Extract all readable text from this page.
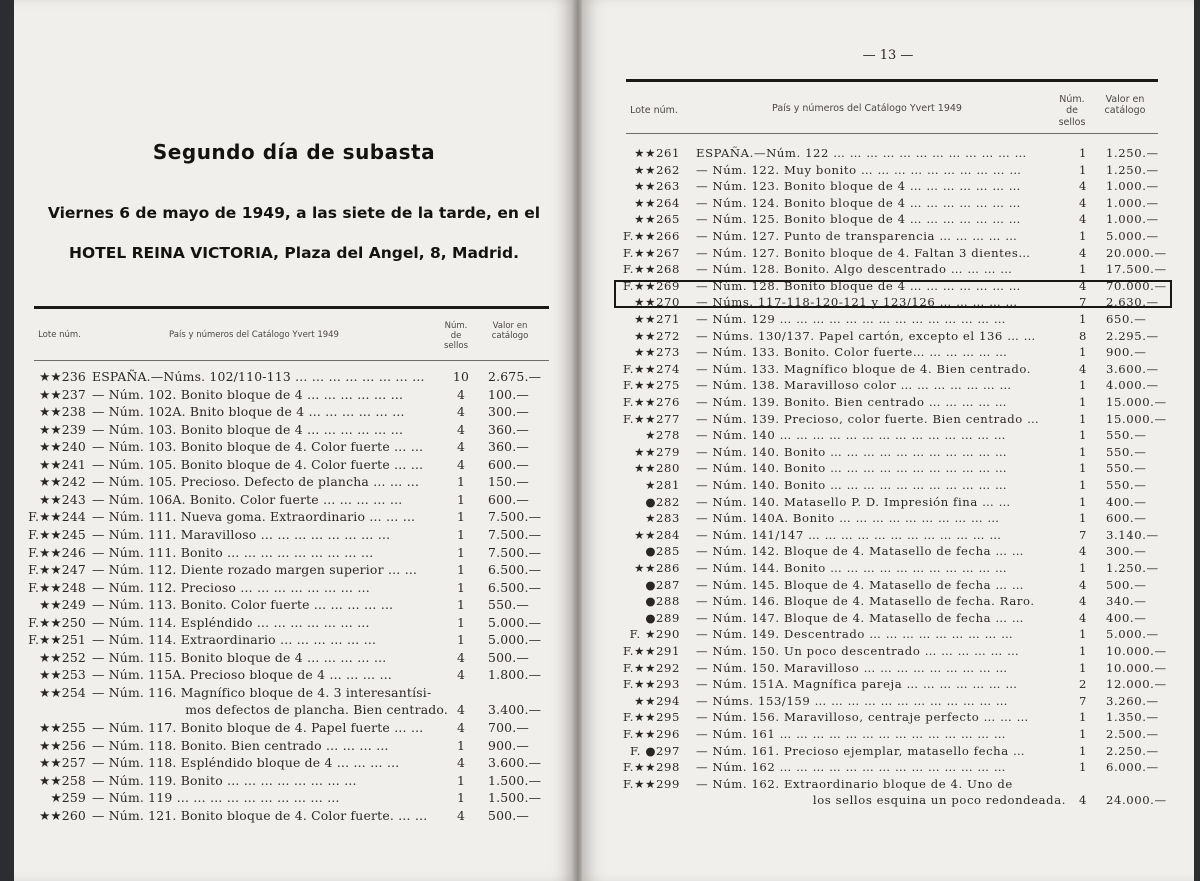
Segundo día de subasta
Viernes 6 de mayo de 1949, a las siete de la tarde, en el
HOTEL REINA VICTORIA, Plaza del Angel, 8, Madrid.
Lote núm.	País y números del Catálogo Yvert 1949
Núm. de sellos
Valor en catálogo
★★236 ESPAÑA.—Núms. 102/110-113 … … … … … … … …	10 2.675.—
★★237 — Núm. 102. Bonito bloque de 4 … … … … … …	4	100.—
★★238 — Núm. 102A. Bnito bloque de 4 … … … … … …	4	300.—
★★239 — Núm. 103. Bonito bloque de 4 … … … … … …	4	360.—
★★240 — Núm. 103. Bonito bloque de 4. Color fuerte … …	4	360.—
★★241 — Núm. 105. Bonito bloque de 4. Color fuerte … …	4	600.—
★★242 — Núm. 105. Precioso. Defecto de plancha … … …	1	150.—
★★243 — Núm. 106A. Bonito. Color fuerte … … … … …	1	600.—
F.★★244 — Núm. 111. Nueva goma. Extraordinario … … …	1	7.500.—
F.★★245 — Núm. 111. Maravilloso … … … … … … … …	1	7.500.—
F.★★246 — Núm. 111. Bonito … … … … … … … … …	1	7.500.—
F.★★247 — Núm. 112. Diente rozado margen superior … …	1	6.500.—
F.★★248 — Núm. 112. Precioso … … … … … … … …	1	6.500.—
★★249 — Núm. 113. Bonito. Color fuerte … … … … …	1	550.—
F.★★250 — Núm. 114. Espléndido … … … … … … …	1	5.000.—
F.★★251 — Núm. 114. Extraordinario … … … … … …	1	5.000.—
★★252 — Núm. 115. Bonito bloque de 4 … … … … …	4	500.—
★★253 — Núm. 115A. Precioso bloque de 4 … … … …	4	1.800.—
★★254 — Núm. 116. Magnífico bloque de 4. 3 interesantísi-
mos defectos de plancha. Bien centrado. 4	3.400.—
★★255 — Núm. 117. Bonito bloque de 4. Papel fuerte … …	4	700.—
★★256 — Núm. 118. Bonito. Bien centrado … … … …	1	900.—
★★257 — Núm. 118. Espléndido bloque de 4 … … … …	4	3.600.—
★★258 — Núm. 119. Bonito … … … … … … … …	1	1.500.—
★259 — Núm. 119 … … … … … … … … … …	1	1.500.—
★★260 — Núm. 121. Bonito bloque de 4. Color fuerte. … …	4	500.—
— 13 —
Lote núm.	País y números del Catálogo Yvert 1949
Núm. de sellos
Valor en catálogo
★★261 ESPAÑA.—Núm. 122 … … … … … … … … … … … …	1	1.250.—
★★262 — Núm. 122. Muy bonito … … … … … … … … … …	1	1.250.—
★★263 — Núm. 123. Bonito bloque de 4 … … … … … … …	4	1.000.—
★★264 — Núm. 124. Bonito bloque de 4 … … … … … … …	4	1.000.—
★★265 — Núm. 125. Bonito bloque de 4 … … … … … … …	4	1.000.—
F.★★266 — Núm. 127. Punto de transparencia … … … … …	1	5.000.—
F.★★267 — Núm. 127. Bonito bloque de 4. Faltan 3 dientes…	4	20.000.—
F.★★268 — Núm. 128. Bonito. Algo descentrado … … … …	1	17.500.—
F.★★269 — Núm. 128. Bonito bloque de 4 … … … … … … …	4	70.000.—
★★270 — Núms. 117-118-120-121 y 123/126 … … … … …	7	2.630.—
★★271 — Núm. 129 … … … … … … … … … … … … … …	1	650.—
★★272 — Núms. 130/137. Papel cartón, excepto el 136 … …	8	2.295.—
★★273 — Núm. 133. Bonito. Color fuerte… … … … … …	1	900.—
F.★★274 — Núm. 133. Magnífico bloque de 4. Bien centrado.	4	3.600.—
F.★★275 — Núm. 138. Maravilloso color … … … … … … …	1	4.000.—
F.★★276 — Núm. 139. Bonito. Bien centrado … … … … …	1	15.000.—
F.★★277 — Núm. 139. Precioso, color fuerte. Bien centrado …	1	15.000.—
★278 — Núm. 140 … … … … … … … … … … … … … …	1	550.—
★★279 — Núm. 140. Bonito … … … … … … … … … … …	1	550.—
★★280 — Núm. 140. Bonito … … … … … … … … … … …	1	550.—
★281 — Núm. 140. Bonito … … … … … … … … … … …	1	550.—
●282 — Núm. 140. Matasello P. D. Impresión fina … …	1	400.—
★283 — Núm. 140A. Bonito … … … … … … … … … …	1	600.—
★★284 — Núm. 141/147 … … … … … … … … … … … …	7	3.140.—
●285 — Núm. 142. Bloque de 4. Matasello de fecha … …	4	300.—
★★286 — Núm. 144. Bonito … … … … … … … … … … …	1	1.250.—
●287 — Núm. 145. Bloque de 4. Matasello de fecha … …	4	500.—
●288 — Núm. 146. Bloque de 4. Matasello de fecha. Raro.	4	340.—
●289 — Núm. 147. Bloque de 4. Matasello de fecha … …	4	400.—
F. ★290 — Núm. 149. Descentrado … … … … … … … … …	1	5.000.—
F.★★291 — Núm. 150. Un poco descentrado … … … … … …	1	10.000.—
F.★★292 — Núm. 150. Maravilloso … … … … … … … … …	1	10.000.—
F.★★293 — Núm. 151A. Magnífica pareja … … … … … … …	2	12.000.—
★★294 — Núms. 153/159 … … … … … … … … … … … …	7	3.260.—
F.★★295 — Núm. 156. Maravilloso, centraje perfecto … … …	1	1.350.—
F.★★296 — Núm. 161 … … … … … … … … … … … … … …	1	2.500.—
F. ●297 — Núm. 161. Precioso ejemplar, matasello fecha …	1	2.250.—
F.★★298 — Núm. 162 … … … … … … … … … … … … … …	1	6.000.—
F.★★299 — Núm. 162. Extraordinario bloque de 4. Uno de
los sellos esquina un poco redondeada.	4	24.000.—
